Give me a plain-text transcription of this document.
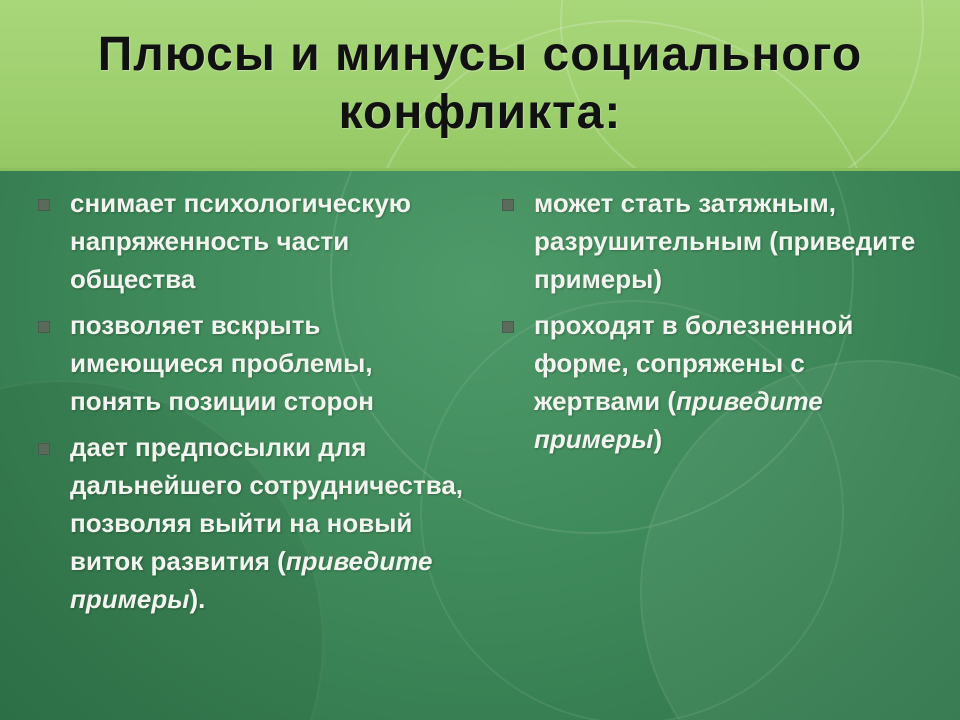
Плюсы и минусы социального
конфликта:
снимает психологическую напряженность части общества
позволяет вскрыть имеющиеся проблемы, понять позиции сторон
дает предпосылки для дальнейшего сотрудничества, позволяя выйти на новый виток развития (приведите примеры).
может стать затяжным, разрушительным (приведите примеры)
проходят в болезненной форме, сопряжены с жертвами (приведите примеры)
